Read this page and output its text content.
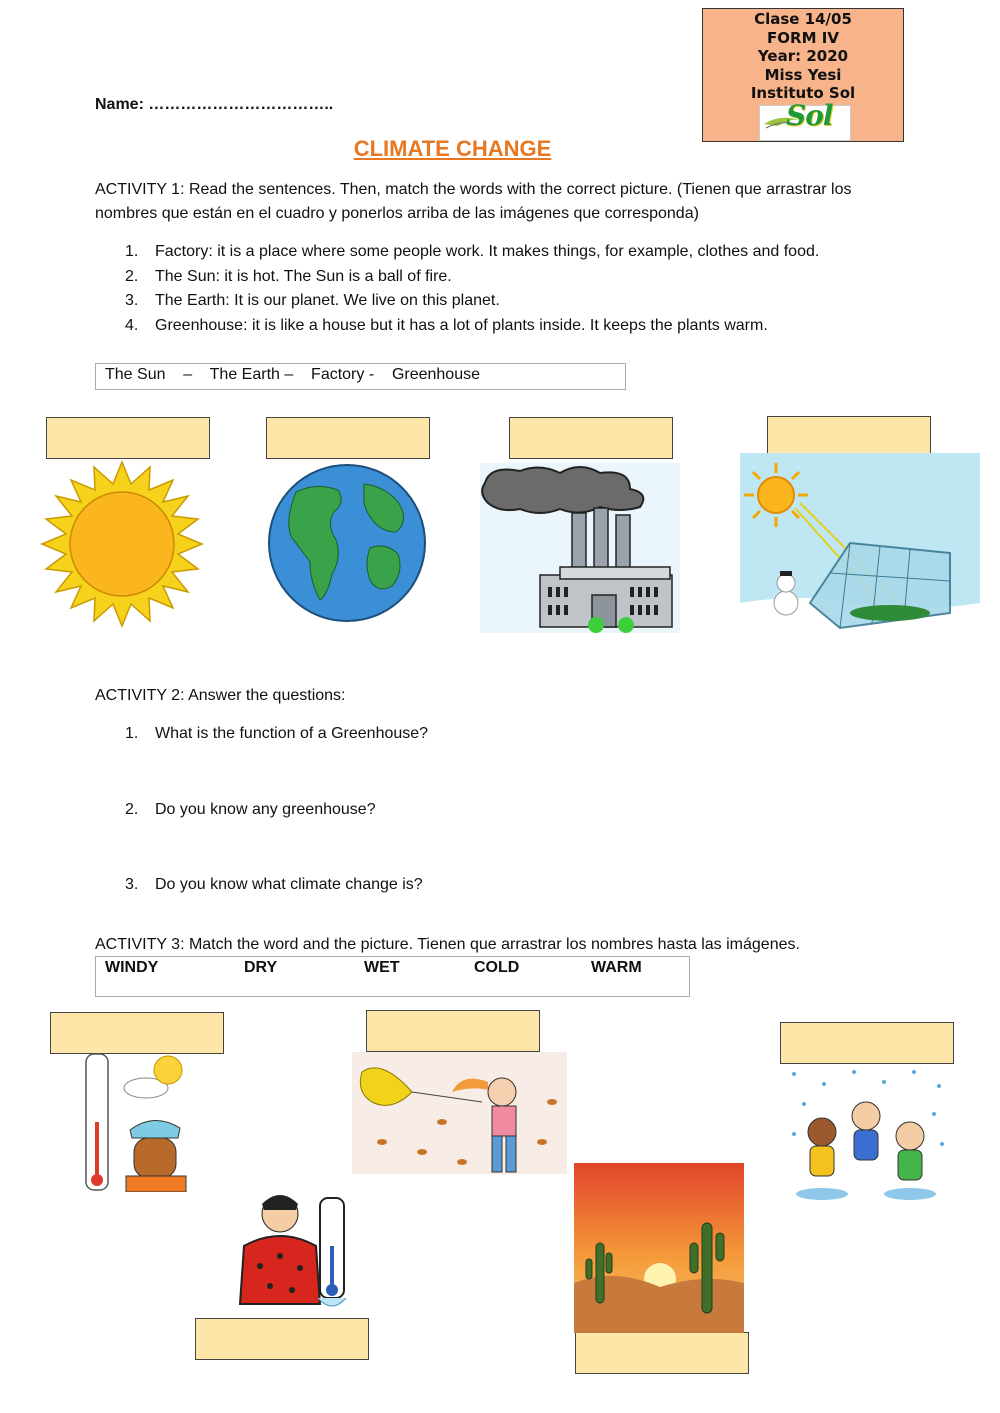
Clase 14/05
FORM IV
Year: 2020
Miss Yesi
Instituto Sol
Sol
Name: ……………………………..
CLIMATE CHANGE
ACTIVITY 1: Read the sentences. Then, match the words with the correct picture. (Tienen que arrastrar los
nombres que están en el cuadro y ponerlos arriba de las imágenes que corresponda)
1.	Factory: it is a place where some people work. It makes things, for example, clothes and food.
2.	The Sun: it is hot. The Sun is a ball of fire.
3.	The Earth: It is our planet. We live on this planet.
4.	Greenhouse: it is like a house but it has a lot of plants inside. It keeps the plants warm.
The Sun    –    The Earth –    Factory -    Greenhouse
ACTIVITY 2: Answer the questions:
1.	What is the function of a Greenhouse?
2.	Do you know any greenhouse?
3.	Do you know what climate change is?
ACTIVITY 3: Match the word and the picture. Tienen que arrastrar los nombres hasta las imágenes.
WINDY	DRY	WET	COLD	WARM
